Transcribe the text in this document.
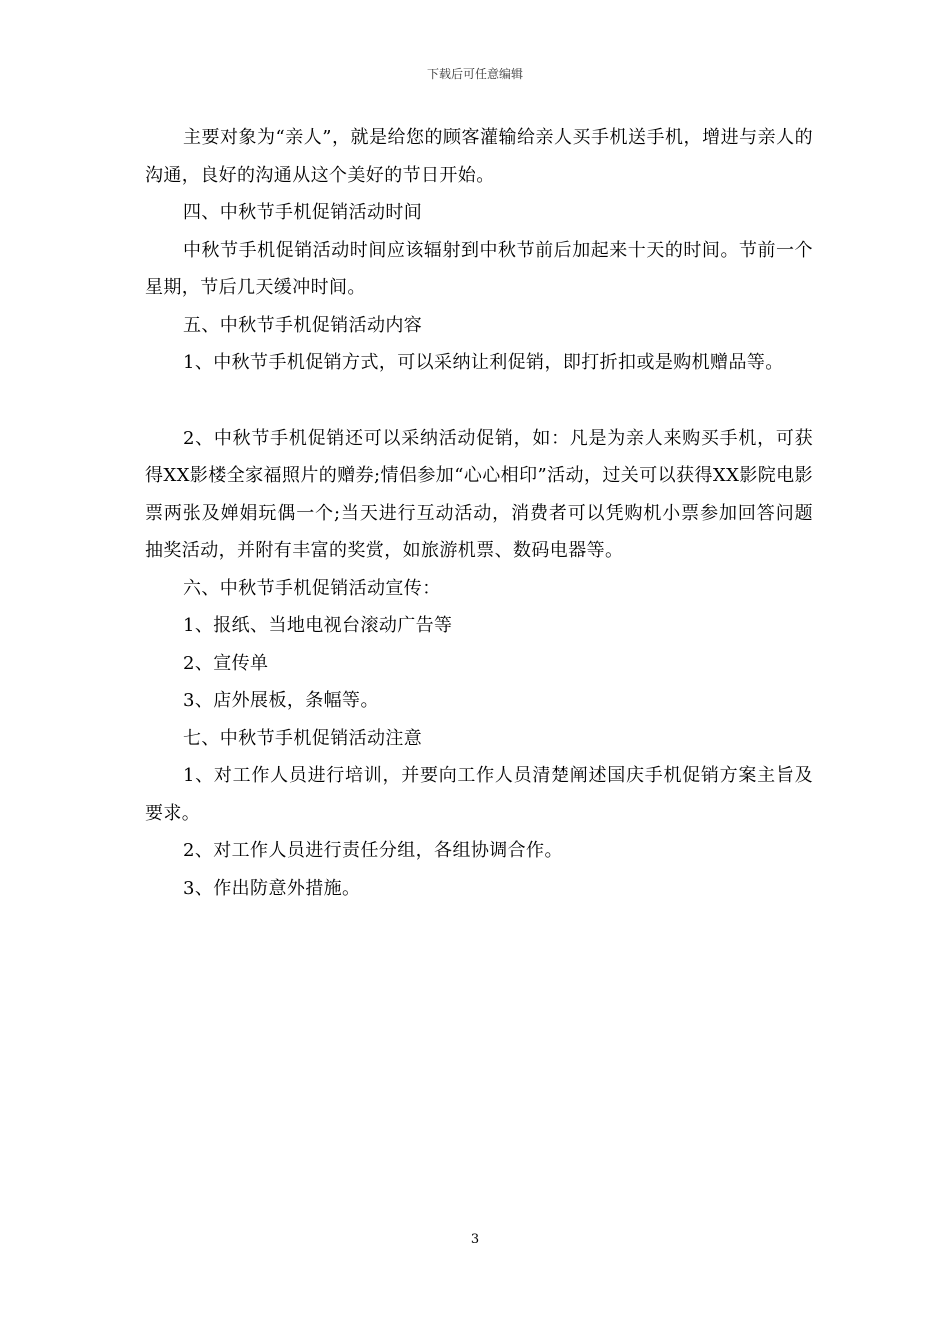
下载后可任意编辑

主要对象为“亲人”，就是给您的顾客灌输给亲人买手机送手机，增进与亲人的沟通，良好的沟通从这个美好的节日开始。

四、中秋节手机促销活动时间

中秋节手机促销活动时间应该辐射到中秋节前后加起来十天的时间。节前一个星期，节后几天缓冲时间。

五、中秋节手机促销活动内容

1、中秋节手机促销方式，可以采纳让利促销，即打折扣或是购机赠品等。

2、中秋节手机促销还可以采纳活动促销，如：凡是为亲人来购买手机，可获得XX影楼全家福照片的赠券;情侣参加“心心相印”活动，过关可以获得XX影院电影票两张及婵娟玩偶一个;当天进行互动活动，消费者可以凭购机小票参加回答问题抽奖活动，并附有丰富的奖赏，如旅游机票、数码电器等。

六、中秋节手机促销活动宣传：

1、报纸、当地电视台滚动广告等

2、宣传单

3、店外展板，条幅等。

七、中秋节手机促销活动注意

1、对工作人员进行培训，并要向工作人员清楚阐述国庆手机促销方案主旨及要求。

2、对工作人员进行责任分组，各组协调合作。

3、作出防意外措施。

3
